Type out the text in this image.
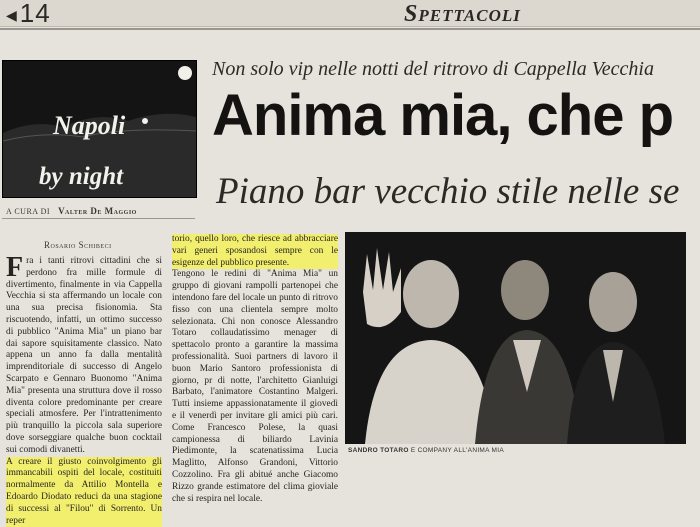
◀14	Spettacoli
Napoli
by night
Non solo vip nelle notti del ritrovo di Cappella Vecchia
Anima mia, che p
Piano bar vecchio stile nelle se
A CURA DI Valter De Maggio
Rosario Schibeci
Fra i tanti ritrovi cittadini che si perdono fra mille formule di divertimento, finalmente in via Cappella Vecchia si sta affermando un locale con una sua precisa fisionomia. Sta riscuotendo, infatti, un ottimo successo di pubblico "Anima Mia" un piano bar dai sapore squisitamente classico. Nato appena un anno fa dalla mentalità imprenditoriale di successo di Angelo Scarpato e Gennaro Buonomo "Anima Mia" presenta una struttura dove il rosso diventa colore predominante per creare speciali atmosfere. Per l'intrattenimento più tranquillo la piccola sala superiore dove sorseggiare qualche buon cocktail sui comodi divanetti.
A creare il giusto coinvolgimento gli immancabili ospiti del locale, costituiti normalmente da Attilio Montella e Edoardo Diodato reduci da una stagione di successi al "Filou" di Sorrento. Un reper
torio, quello loro, che riesce ad abbracciare vari generi sposandosi sempre con le esigenze del pubblico presente.
Tengono le redini di "Anima Mia" un gruppo di giovani rampolli partenopei che intendono fare del locale un punto di ritrovo fisso con una clientela sempre molto selezionata. Chi non conosce Alessandro Totaro collaudatissimo menager di spettacolo pronto a garantire la massima professionalità. Suoi partners di lavoro il buon Mario Santoro professionista di giorno, pr di notte, l'architetto Gianluigi Barbato, l'animatore Costantino Malgeri. Tutti insieme appassionatamente il giovedì e il venerdì per invitare gli amici più cari. Come Francesco Polese, la quasi campionessa di biliardo Lavinia Piedimonte, la scatenatissima Lucia Maglitto, Alfonso Grandoni, Vittorio Cozzolino. Fra gli abitué anche Giacomo Rizzo grande estimatore del clima gioviale che si respira nel locale.
SANDRO TOTARO E COMPANY ALL'ANIMA MIA
